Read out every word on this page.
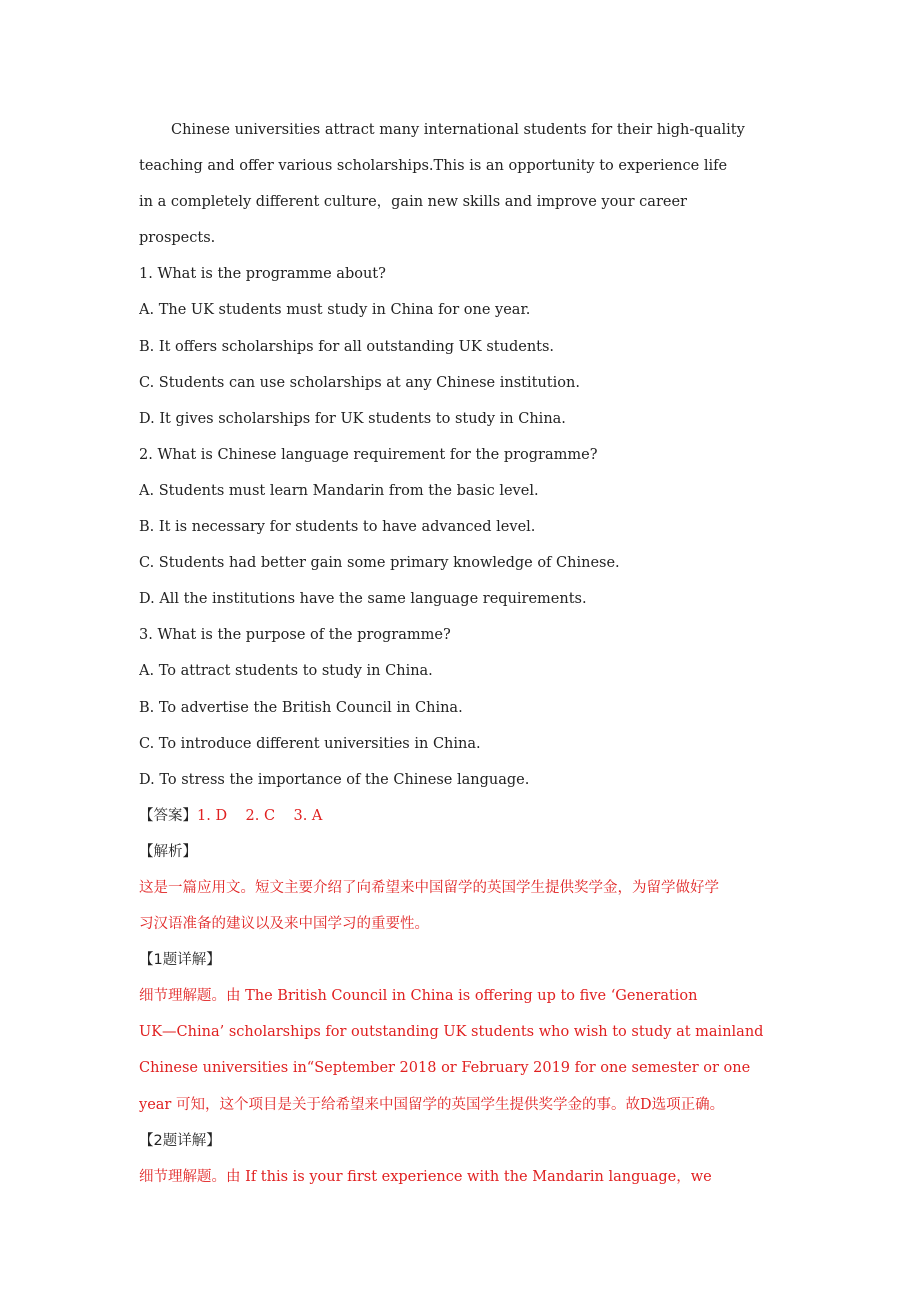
Chinese universities attract many international students for their high-quality
teaching and offer various scholarships.This is an opportunity to experience life
in a completely different culture，gain new skills and improve your career
prospects.
1. What is the programme about?
A. The UK students must study in China for one year.
B. It offers scholarships for all outstanding UK students.
C. Students can use scholarships at any Chinese institution.
D. It gives scholarships for UK students to study in China.
2. What is Chinese language requirement for the programme?
A. Students must learn Mandarin from the basic level.
B. It is necessary for students to have advanced level.
C. Students had better gain some primary knowledge of Chinese.
D. All the institutions have the same language requirements.
3. What is the purpose of the programme?
A. To attract students to study in China.
B. To advertise the British Council in China.
C. To introduce different universities in China.
D. To stress the importance of the Chinese language.
【答案】1. D    2. C    3. A
【解析】
这是一篇应用文。短文主要介绍了向希望来中国留学的英国学生提供奖学金，为留学做好学
习汉语准备的建议以及来中国学习的重要性。
【1题详解】
细节理解题。由 The British Council in China is offering up to five ‘Generation
UK—China’ scholarships for outstanding UK students who wish to study at mainland
Chinese universities in“September 2018 or February 2019 for one semester or one
year 可知，这个项目是关于给希望来中国留学的英国学生提供奖学金的事。故D选项正确。
【2题详解】
细节理解题。由 If this is your first experience with the Mandarin language，we
